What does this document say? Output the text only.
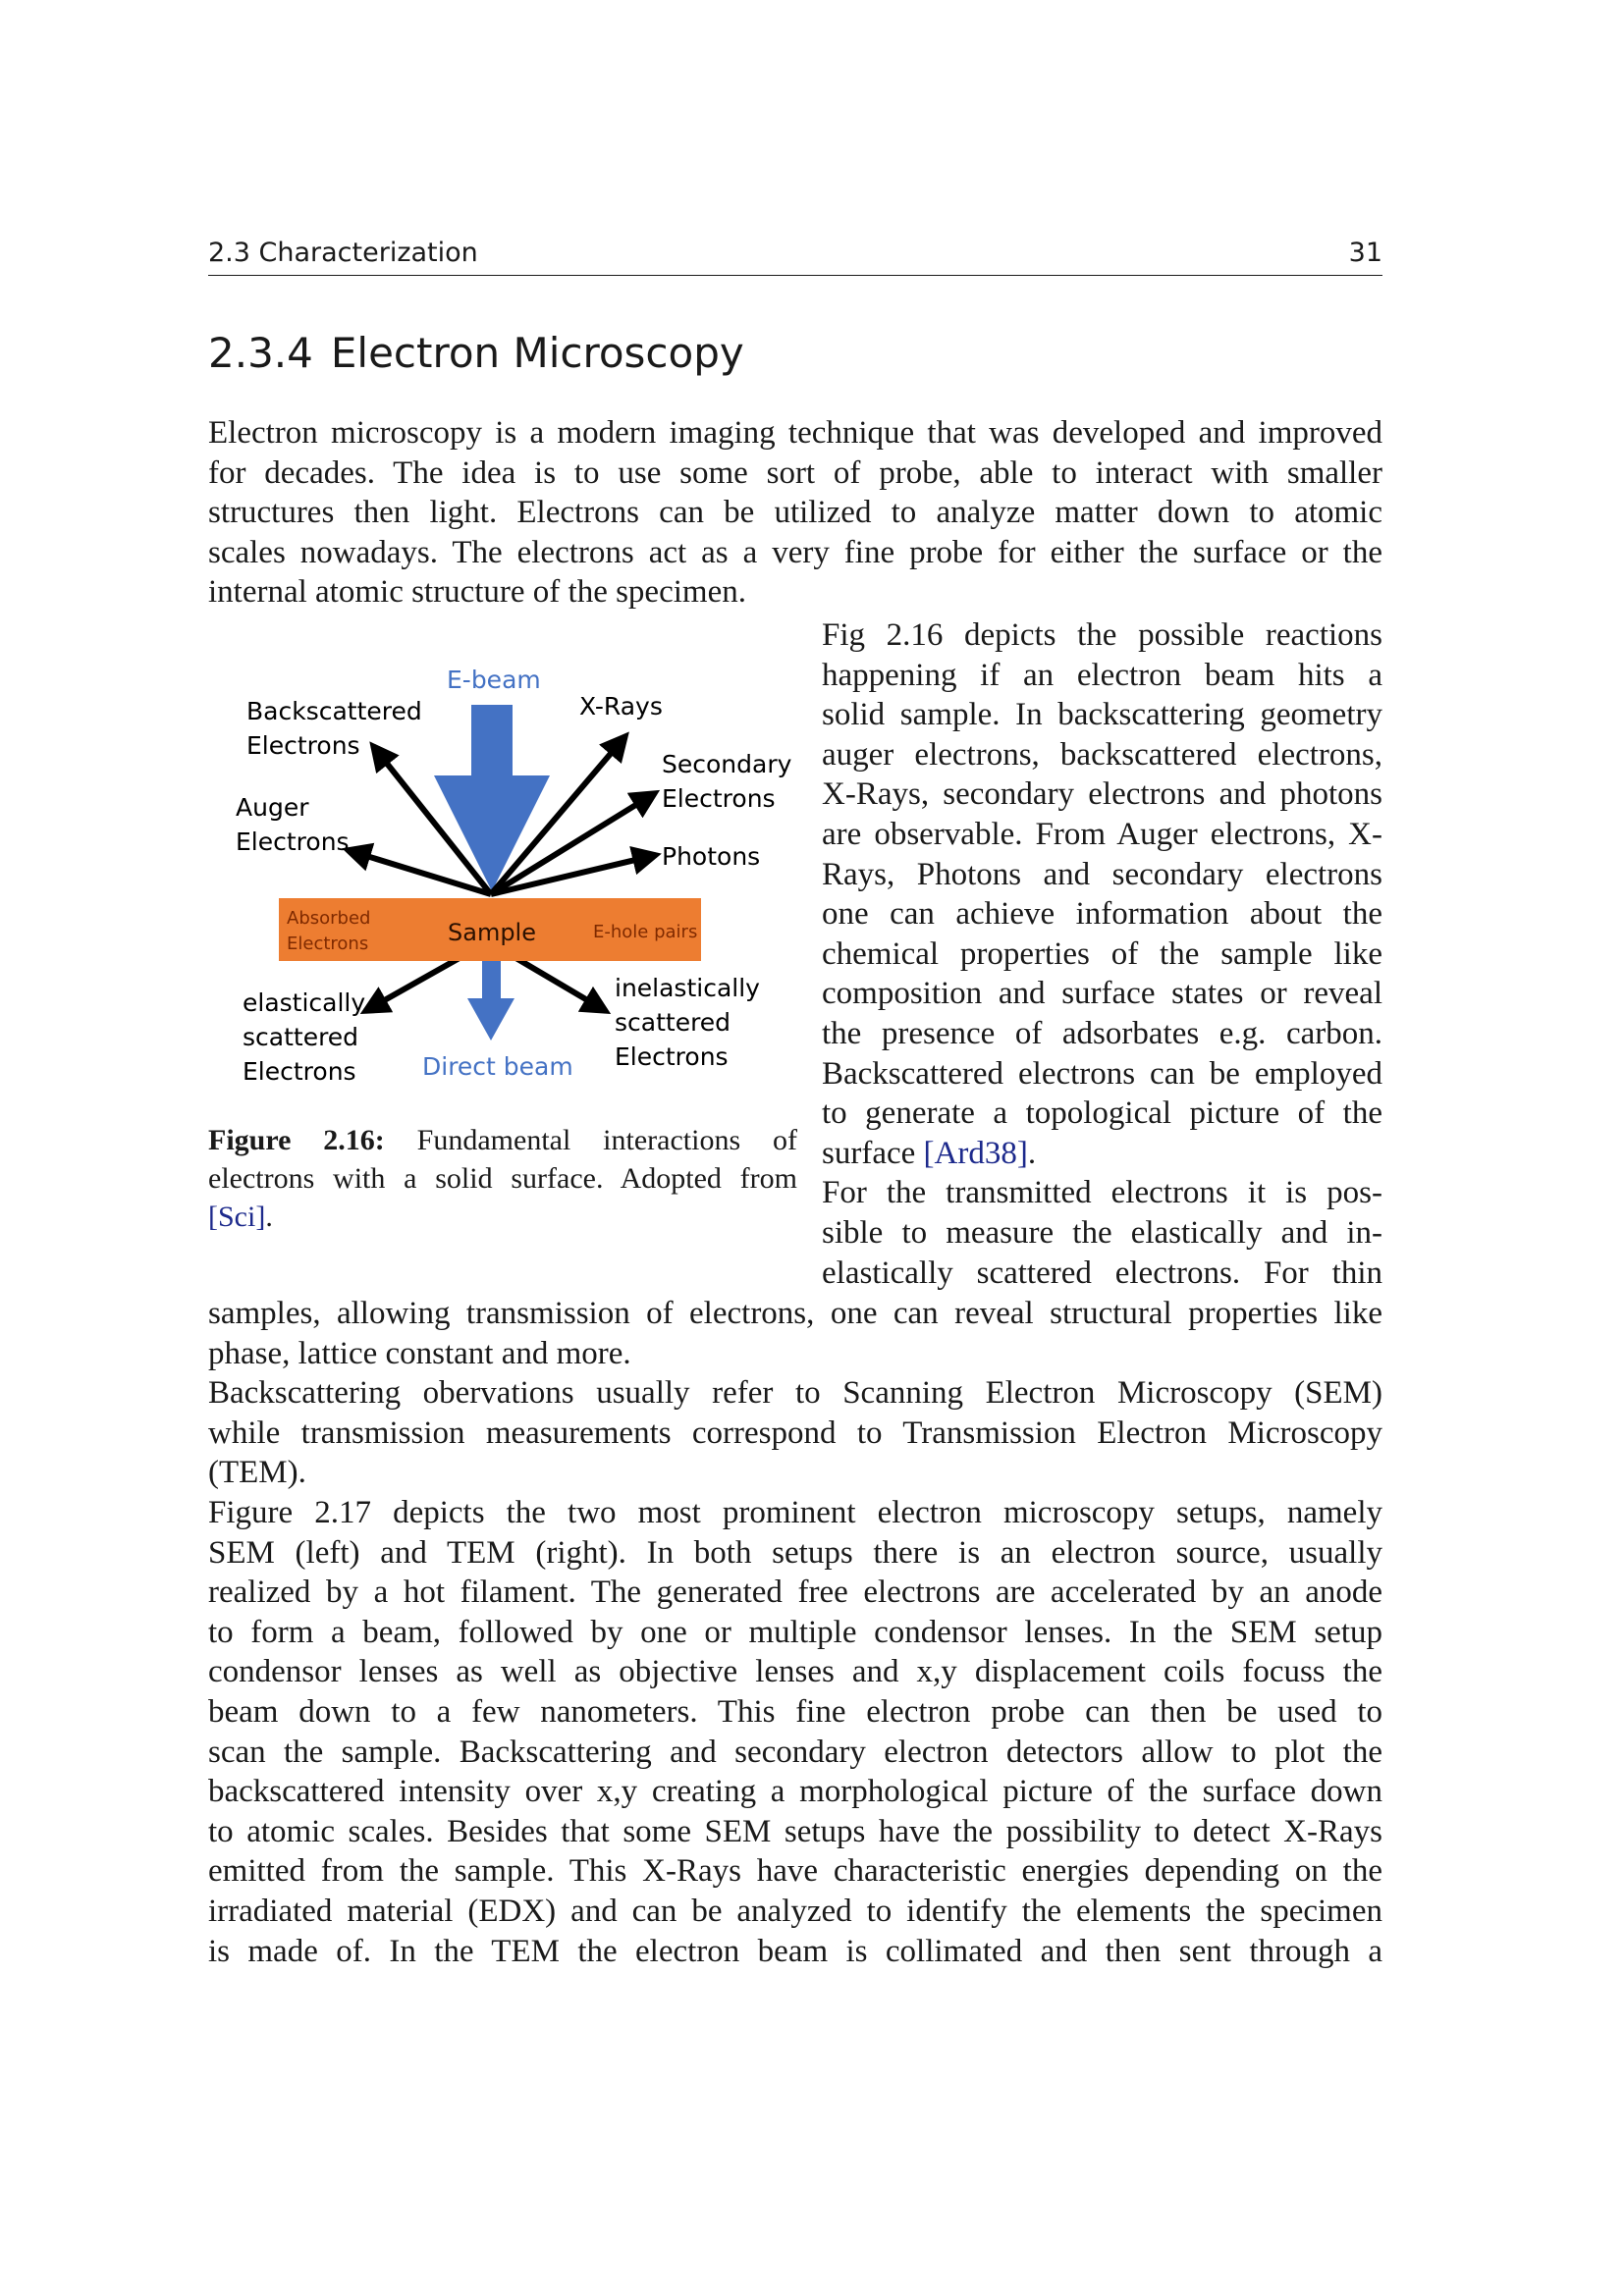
2.3 Characterization	31
2.3.4 Electron Microscopy
Electron microscopy is a modern imaging technique that was developed and improved
for decades. The idea is to use some sort of probe, able to interact with smaller
structures then light. Electrons can be utilized to analyze matter down to atomic
scales nowadays. The electrons act as a very fine probe for either the surface or the
internal atomic structure of the specimen.
Absorbed
Electrons	Sample	E-hole pairs
E-beam
Backscattered
Electrons
X-Rays
Secondary
Electrons
Auger
Electrons
Photons
elastically
scattered
Electrons
inelastically
scattered
Electrons
Direct beam
Figure 2.16: Fundamental interactions of
electrons with a solid surface. Adopted from
[Sci].
Fig 2.16 depicts the possible reactions
happening if an electron beam hits a
solid sample. In backscattering geometry
auger electrons, backscattered electrons,
X-Rays, secondary electrons and photons
are observable. From Auger electrons, X-
Rays, Photons and secondary electrons
one can achieve information about the
chemical properties of the sample like
composition and surface states or reveal
the presence of adsorbates e.g. carbon.
Backscattered electrons can be employed
to generate a topological picture of the
surface [Ard38].
For the transmitted electrons it is pos-
sible to measure the elastically and in-
elastically scattered electrons. For thin
samples, allowing transmission of electrons, one can reveal structural properties like
phase, lattice constant and more.
Backscattering obervations usually refer to Scanning Electron Microscopy (SEM)
while transmission measurements correspond to Transmission Electron Microscopy
(TEM).
Figure 2.17 depicts the two most prominent electron microscopy setups, namely
SEM (left) and TEM (right). In both setups there is an electron source, usually
realized by a hot filament. The generated free electrons are accelerated by an anode
to form a beam, followed by one or multiple condensor lenses. In the SEM setup
condensor lenses as well as objective lenses and x,y displacement coils focuss the
beam down to a few nanometers. This fine electron probe can then be used to
scan the sample. Backscattering and secondary electron detectors allow to plot the
backscattered intensity over x,y creating a morphological picture of the surface down
to atomic scales. Besides that some SEM setups have the possibility to detect X-Rays
emitted from the sample. This X-Rays have characteristic energies depending on the
irradiated material (EDX) and can be analyzed to identify the elements the specimen
is made of. In the TEM the electron beam is collimated and then sent through a
